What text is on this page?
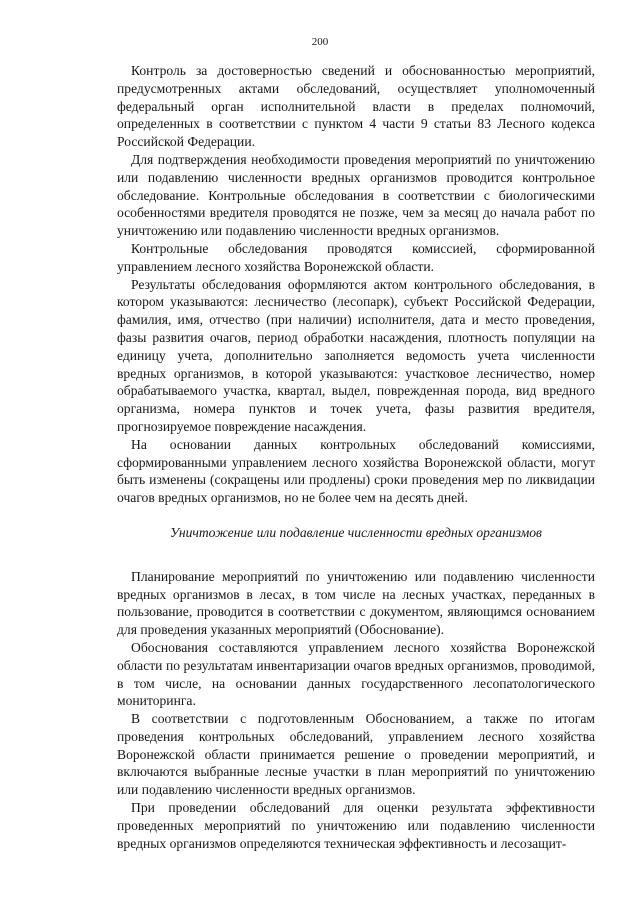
200

Контроль за достоверностью сведений и обоснованностью мероприятий, предусмотренных актами обследований, осуществляет уполномоченный федеральный орган исполнительной власти в пределах полномочий, определенных в соответствии с пунктом 4 части 9 статьи 83 Лесного кодекса Российской Федерации.

Для подтверждения необходимости проведения мероприятий по уничтожению или подавлению численности вредных организмов проводится контрольное обследование. Контрольные обследования в соответствии с биологическими особенностями вредителя проводятся не позже, чем за месяц до начала работ по уничтожению или подавлению численности вредных организмов.

Контрольные обследования проводятся комиссией, сформированной управлением лесного хозяйства Воронежской области.

Результаты обследования оформляются актом контрольного обследования, в котором указываются: лесничество (лесопарк), субъект Российской Федерации, фамилия, имя, отчество (при наличии) исполнителя, дата и место проведения, фазы развития очагов, период обработки насаждения, плотность популяции на единицу учета, дополнительно заполняется ведомость учета численности вредных организмов, в которой указываются: участковое лесничество, номер обрабатываемого участка, квартал, выдел, поврежденная порода, вид вредного организма, номера пунктов и точек учета, фазы развития вредителя, прогнозируемое повреждение насаждения.

На основании данных контрольных обследований комиссиями, сформированными управлением лесного хозяйства Воронежской области, могут быть изменены (сокращены или продлены) сроки проведения мер по ликвидации очагов вредных организмов, но не более чем на десять дней.

Уничтожение или подавление численности вредных организмов

Планирование мероприятий по уничтожению или подавлению численности вредных организмов в лесах, в том числе на лесных участках, переданных в пользование, проводится в соответствии с документом, являющимся основанием для проведения указанных мероприятий (Обоснование).

Обоснования составляются управлением лесного хозяйства Воронежской области по результатам инвентаризации очагов вредных организмов, проводимой, в том числе, на основании данных государственного лесопатологического мониторинга.

В соответствии с подготовленным Обоснованием, а также по итогам проведения контрольных обследований, управлением лесного хозяйства Воронежской области принимается решение о проведении мероприятий, и включаются выбранные лесные участки в план мероприятий по уничтожению или подавлению численности вредных организмов.

При проведении обследований для оценки результата эффективности проведенных мероприятий по уничтожению или подавлению численности вредных организмов определяются техническая эффективность и лесозащит-
